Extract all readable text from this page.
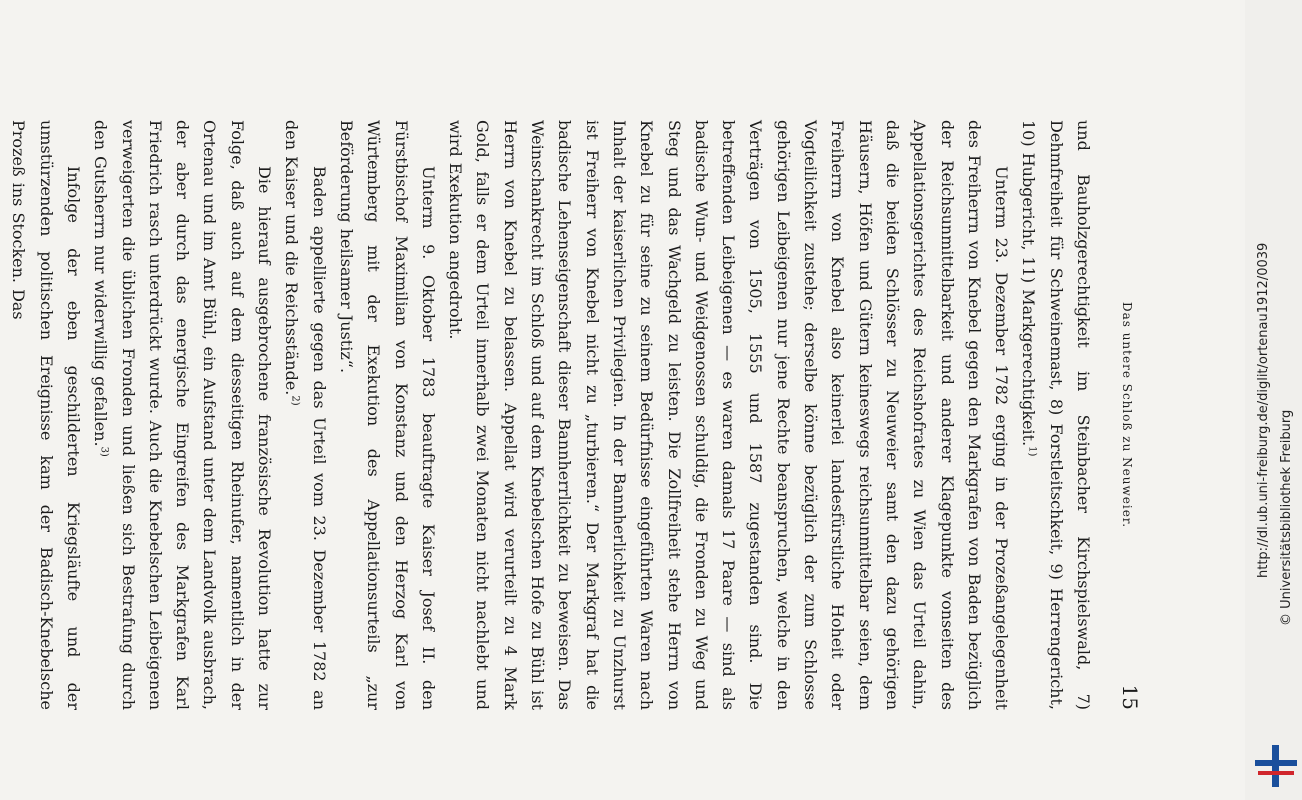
Das untere Schloß zu Neuweier.
15

und Bauholzgerechtigkeit im Steinbacher Kirchspielswald, 7) Dehmfreiheit für Schweinemast, 8) Forstleitschkeit, 9) Herrengericht, 10) Hubgericht, 11) Markgerechtigkeit.$^{1)}$

Unterm 23. Dezember 1782 erging in der Prozeßangelegenheit des Freiherrn von Knebel gegen den Markgrafen von Baden bezüglich der Reichsunmittelbarkeit und anderer Klagepunkte vonseiten des Appellationsgerichtes des Reichshofrates zu Wien das Urteil dahin, daß die beiden Schlösser zu Neuweier samt den dazu gehörigen Häusern, Höfen und Gütern keineswegs reichsunmittelbar seien, dem Freiherrn von Knebel also keinerlei landesfürstliche Hoheit oder Vogteilichkeit zustehe; derselbe könne bezüglich der zum Schlosse gehörigen Leibeigenen nur jene Rechte beanspruchen, welche in den Verträgen von 1505, 1555 und 1587 zugestanden sind. Die betreffenden Leibeigenen — es waren damals 17 Paare — sind als badische Wun- und Weidgenossen schuldig, die Fronden zu Weg und Steg und das Wachgeld zu leisten. Die Zollfreiheit stehe Herrn von Knebel zu für seine zu seinem Bedürfnisse eingeführten Waren nach Inhalt der kaiserlichen Privilegien. In der Bannherlichkeit zu Unzhurst ist Freiherr von Knebel nicht zu „turbieren.“ Der Markgraf hat die badische Lehenseigenschaft dieser Bannherrlichkeit zu beweisen. Das Weinschankrecht im Schloß und auf dem Knebelschen Hofe zu Bühl ist Herrn von Knebel zu belassen. Appellat wird verurteilt zu 4 Mark Gold, falls er dem Urteil innerhalb zwei Monaten nicht nachlebt und wird Exekution angedroht.

Unterm 9. Oktober 1783 beauftragte Kaiser Josef II. den Fürstbischof Maximilian von Konstanz und den Herzog Karl von Würtemberg mit der Exekution des Appellationsurteils „zur Beförderung heilsamer Justiz“.

Baden appellierte gegen das Urteil vom 23. Dezember 1782 an den Kaiser und die Reichsstände.$^{2)}$

Die hierauf ausgebrochene französische Revolution hatte zur Folge, daß auch auf dem diesseitigen Rheinufer, namentlich in der Ortenau und im Amt Bühl, ein Aufstand unter dem Landvolk ausbrach, der aber durch das energische Eingreifen des Markgrafen Karl Friedrich rasch unterdrückt wurde. Auch die Knebelschen Leibeigenen verweigerten die üblichen Fronden und ließen sich Bestrafung durch den Gutsherrn nur widerwillig gefallen.$^{3)}$

Infolge der eben geschilderten Kriegsläufte und der umstürzenden politischen Ereignisse kam der Badisch-Knebelsche Prozeß ins Stocken. Das

http://dl.ub.uni-freiburg.de/diglit/ortenau1912/0039 © Universitätsbibliothek Freiburg
